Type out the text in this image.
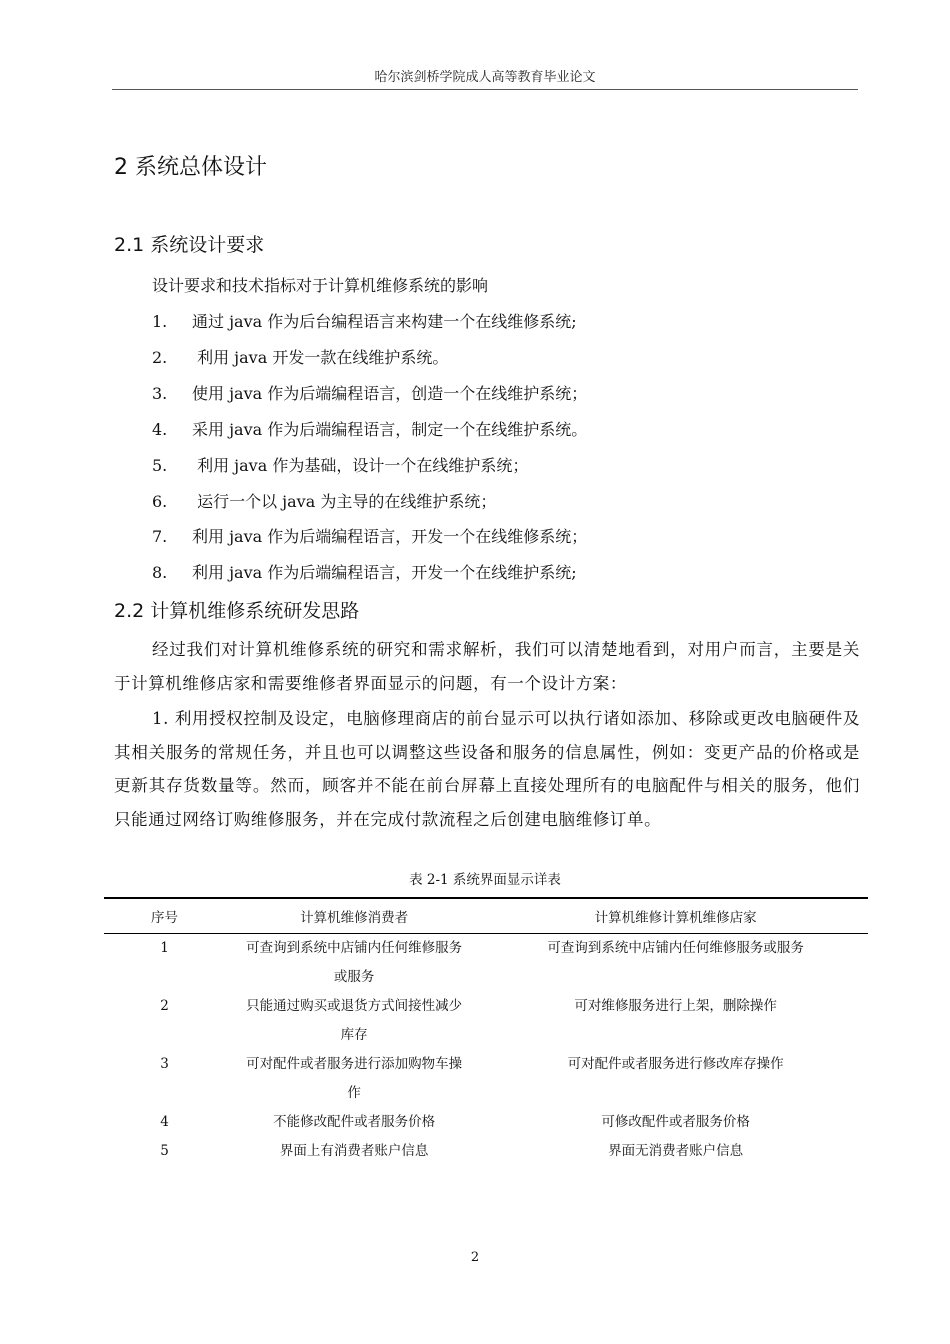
哈尔滨剑桥学院成人高等教育毕业论文
2 系统总体设计
2.1 系统设计要求
设计要求和技术指标对于计算机维修系统的影响
1. 通过 java 作为后台编程语言来构建一个在线维修系统;
2. 利用 java 开发一款在线维护系统。
3. 使用 java 作为后端编程语言，创造一个在线维护系统；
4. 采用 java 作为后端编程语言，制定一个在线维护系统。
5. 利用 java 作为基础，设计一个在线维护系统；
6. 运行一个以 java 为主导的在线维护系统；
7. 利用 java 作为后端编程语言，开发一个在线维修系统；
8. 利用 java 作为后端编程语言，开发一个在线维护系统;
2.2 计算机维修系统研发思路

经过我们对计算机维修系统的研究和需求解析，我们可以清楚地看到，对用户而言，主要是关于计算机维修店家和需要维修者界面显示的问题，有一个设计方案：

1. 利用授权控制及设定，电脑修理商店的前台显示可以执行诸如添加、移除或更改电脑硬件及其相关服务的常规任务，并且也可以调整这些设备和服务的信息属性，例如：变更产品的价格或是更新其存货数量等。然而，顾客并不能在前台屏幕上直接处理所有的电脑配件与相关的服务，他们只能通过网络订购维修服务，并在完成付款流程之后创建电脑维修订单。

表 2-1 系统界面显示详表
序号	计算机维修消费者	计算机维修计算机维修店家
1	可查询到系统中店铺内任何维修服务或服务	可查询到系统中店铺内任何维修服务或服务
2	只能通过购买或退货方式间接性减少库存	可对维修服务进行上架，删除操作
3	可对配件或者服务进行添加购物车操作	可对配件或者服务进行修改库存操作
4	不能修改配件或者服务价格	可修改配件或者服务价格
5	界面上有消费者账户信息	界面无消费者账户信息
2
